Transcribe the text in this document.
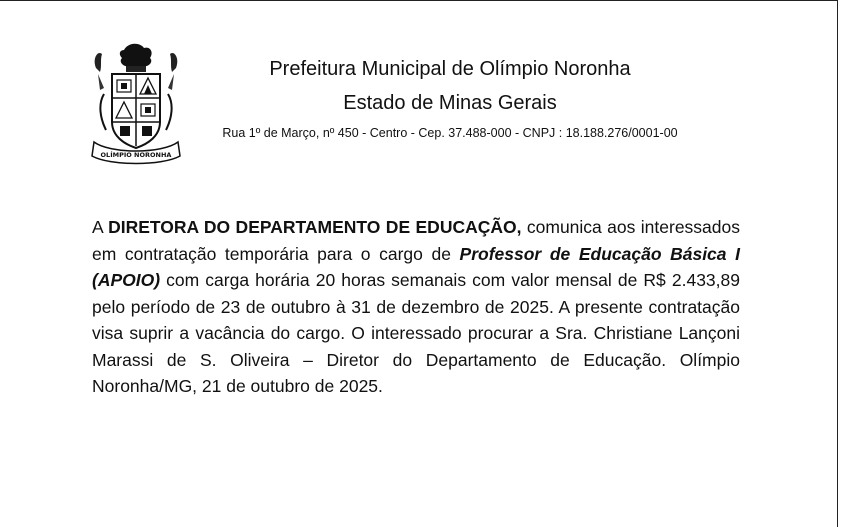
OLÍMPIO NORONHA

Prefeitura Municipal de Olímpio Noronha

Estado de Minas Gerais

Rua 1º de Março, nº 450 - Centro - Cep. 37.488-000 - CNPJ : 18.188.276/0001-00
A DIRETORA DO DEPARTAMENTO DE EDUCAÇÃO, comunica aos interessados em contratação temporária para o cargo de Professor de Educação Básica I (APOIO) com carga horária 20 horas semanais com valor mensal de R$ 2.433,89 pelo período de 23 de outubro à 31 de dezembro de 2025. A presente contratação visa suprir a vacância do cargo. O interessado procurar a Sra. Christiane Lançoni Marassi de S. Oliveira – Diretor do Departamento de Educação. Olímpio Noronha/MG, 21 de outubro de 2025.
